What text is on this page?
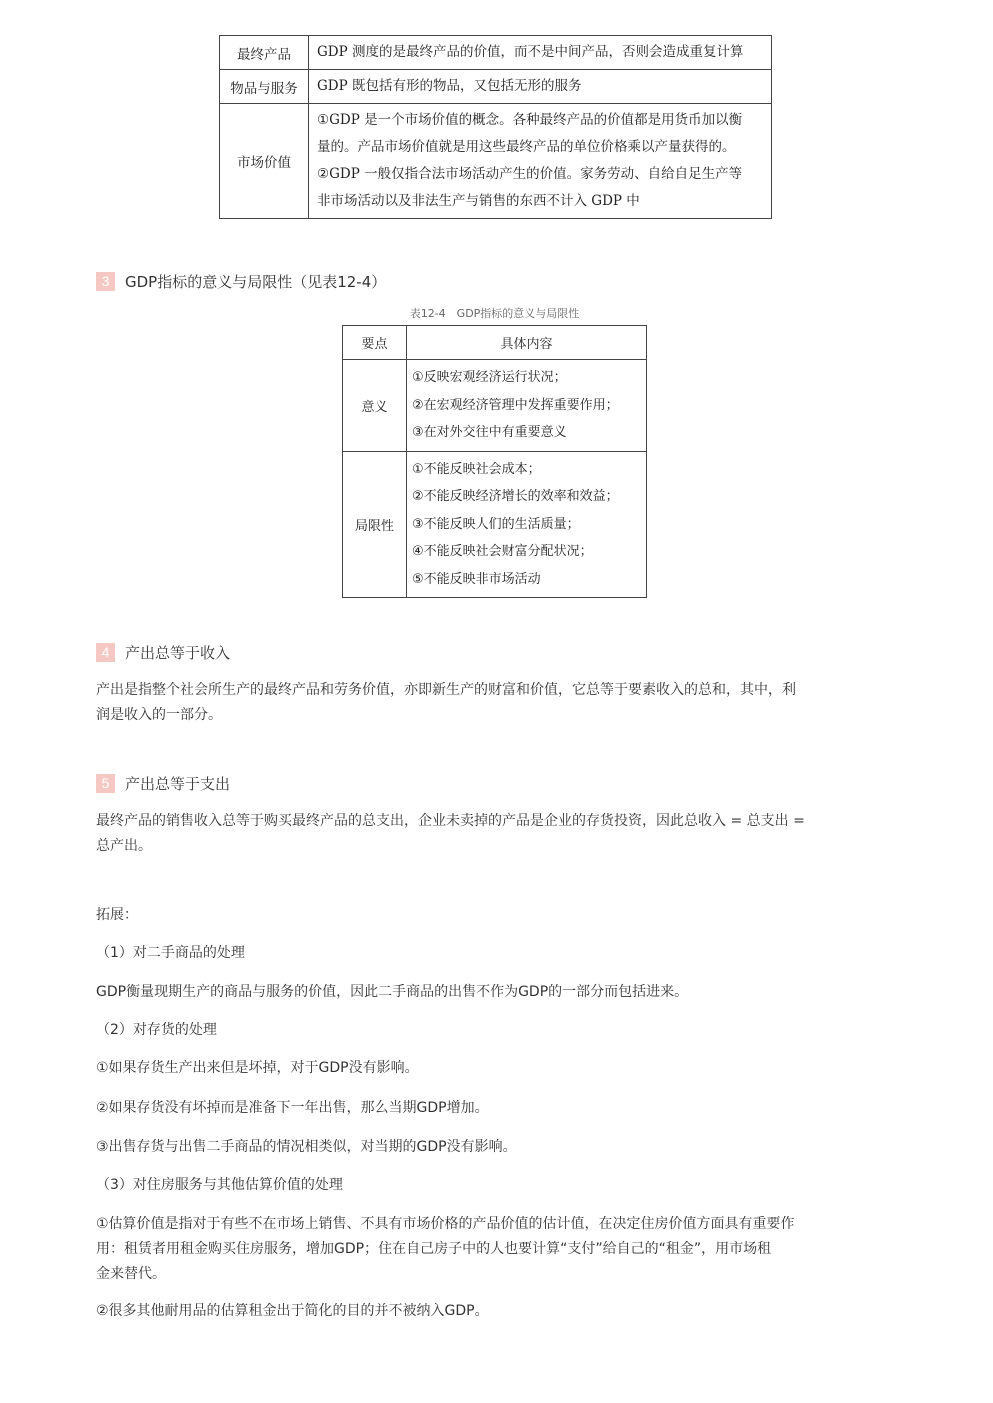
最终产品	GDP 测度的是最终产品的价值，而不是中间产品，否则会造成重复计算
物品与服务	GDP 既包括有形的物品，又包括无形的服务
市场价值	①GDP 是一个市场价值的概念。各种最终产品的价值都是用货币加以衡
量的。产品市场价值就是用这些最终产品的单位价格乘以产量获得的。
②GDP 一般仅指合法市场活动产生的价值。家务劳动、自给自足生产等
非市场活动以及非法生产与销售的东西不计入 GDP 中
3	GDP指标的意义与局限性（见表12-4）
表12-4　GDP指标的意义与局限性
要点	具体内容
意义	①反映宏观经济运行状况；
②在宏观经济管理中发挥重要作用；
③在对外交往中有重要意义

局限性	①不能反映社会成本；
②不能反映经济增长的效率和效益；
③不能反映人们的生活质量；
④不能反映社会财富分配状况；
⑤不能反映非市场活动
4	产出总等于收入
产出是指整个社会所生产的最终产品和劳务价值，亦即新生产的财富和价值，它总等于要素收入的总和，其中，利
润是收入的一部分。
5	产出总等于支出
最终产品的销售收入总等于购买最终产品的总支出，企业未卖掉的产品是企业的存货投资，因此总收入 = 总支出 =
总产出。
拓展：
（1）对二手商品的处理
GDP衡量现期生产的商品与服务的价值，因此二手商品的出售不作为GDP的一部分而包括进来。
（2）对存货的处理
①如果存货生产出来但是坏掉，对于GDP没有影响。
②如果存货没有坏掉而是准备下一年出售，那么当期GDP增加。
③出售存货与出售二手商品的情况相类似，对当期的GDP没有影响。
（3）对住房服务与其他估算价值的处理
①估算价值是指对于有些不在市场上销售、不具有市场价格的产品价值的估计值，在决定住房价值方面具有重要作
用：租赁者用租金购买住房服务，增加GDP；住在自己房子中的人也要计算“支付”给自己的“租金”，用市场租
金来替代。
②很多其他耐用品的估算租金出于简化的目的并不被纳入GDP。
